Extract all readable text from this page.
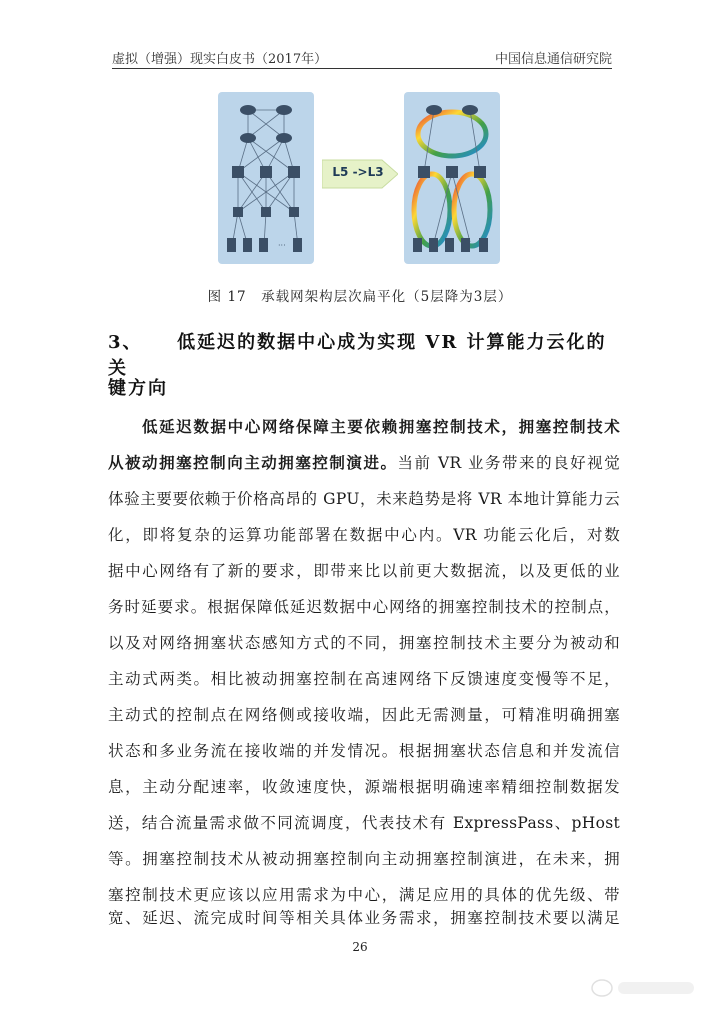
虚拟（增强）现实白皮书（2017年）	中国信息通信研究院
···
L5 ->L3
图 17　承载网架构层次扁平化（5层降为3层）
3、 低延迟的数据中心成为实现 VR 计算能力云化的关
键方向
低延迟数据中心网络保障主要依赖拥塞控制技术，拥塞控制技术
从被动拥塞控制向主动拥塞控制演进。当前 VR 业务带来的良好视觉
体验主要要依赖于价格高昂的 GPU，未来趋势是将 VR 本地计算能力云
化，即将复杂的运算功能部署在数据中心内。VR 功能云化后，对数
据中心网络有了新的要求，即带来比以前更大数据流，以及更低的业
务时延要求。根据保障低延迟数据中心网络的拥塞控制技术的控制点，
以及对网络拥塞状态感知方式的不同，拥塞控制技术主要分为被动和
主动式两类。相比被动拥塞控制在高速网络下反馈速度变慢等不足，
主动式的控制点在网络侧或接收端，因此无需测量，可精准明确拥塞
状态和多业务流在接收端的并发情况。根据拥塞状态信息和并发流信
息，主动分配速率，收敛速度快，源端根据明确速率精细控制数据发
送，结合流量需求做不同流调度，代表技术有 ExpressPass、pHost
等。拥塞控制技术从被动拥塞控制向主动拥塞控制演进，在未来，拥
塞控制技术更应该以应用需求为中心，满足应用的具体的优先级、带
宽、延迟、流完成时间等相关具体业务需求，拥塞控制技术要以满足
26
